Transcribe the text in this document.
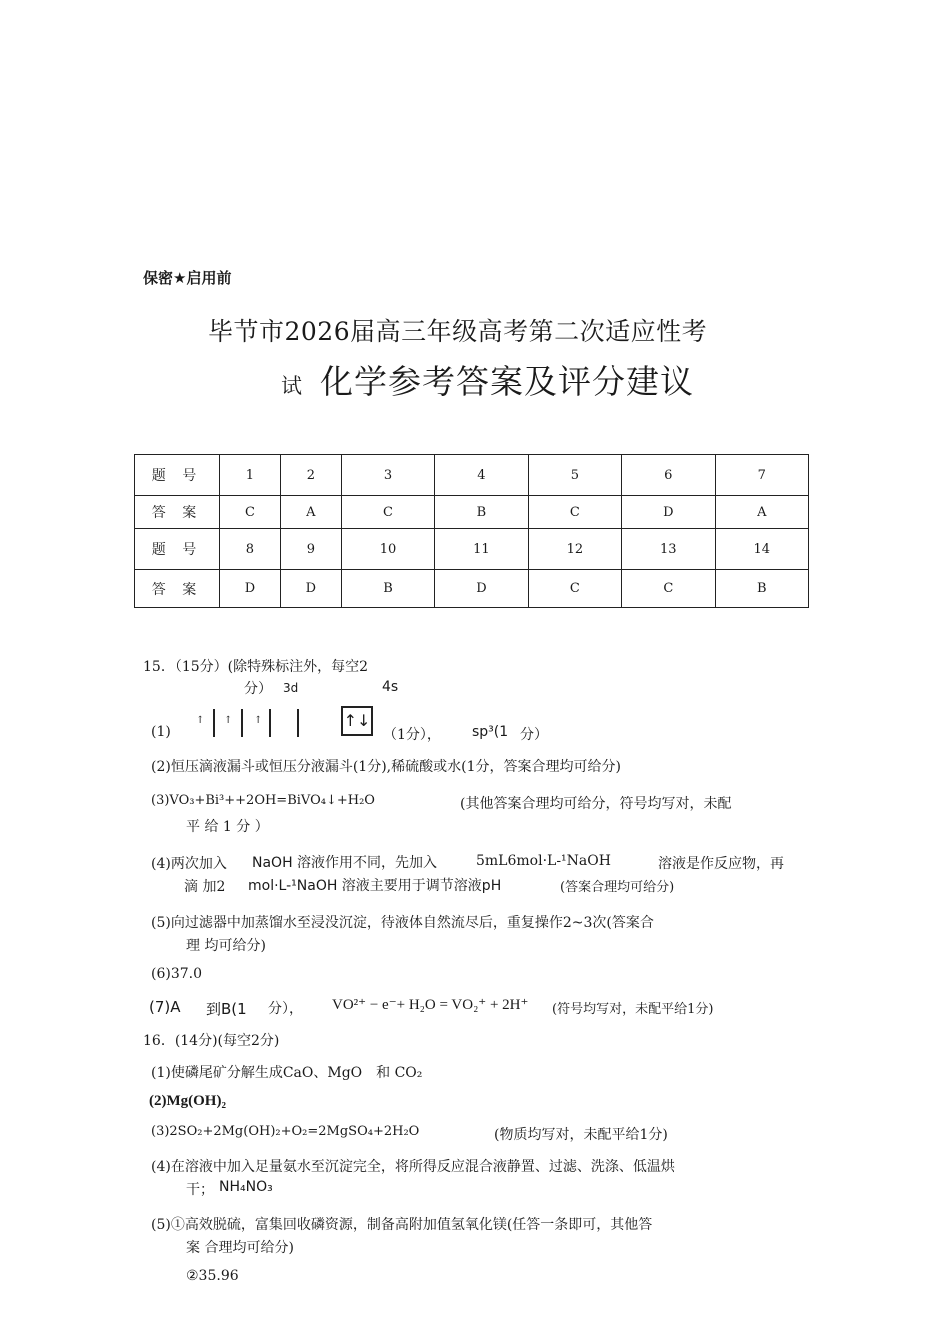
保密★启用前
毕节市2026届高三年级高考第二次适应性考
试 化学参考答案及评分建议
题 号	1	2	3	4	5	6	7
答 案	C	A	C	B	C	D	A
题 号	8	9	10	11	12	13	14
答 案	D	D	B	D	C	C	B
15．（15分）(除特殊标注外，每空2
分） 3d	4s
(1)
↑ ↑ ↑	↑↓
（1分）， sp³(1 分）
(2)恒压滴液漏斗或恒压分液漏斗(1分),稀硫酸或水(1分，答案合理均可给分)
(3)VO₃+Bi³++2OH=BiVO₄↓+H₂O	(其他答案合理均可给分，符号均写对，未配
平 给 1 分 ）
(4)两次加入 NaOH 溶液作用不同，先加入	5mL6mol·L-¹NaOH	溶液是作反应物，再
滴 加2 mol·L-¹NaOH 溶液主要用于调节溶液pH	(答案合理均可给分)
(5)向过滤器中加蒸馏水至浸没沉淀，待液体自然流尽后，重复操作2~3次(答案合
理 均可给分)
(6)37.0
(7)A 到B(1 分）， VO²⁺ − e⁻+ H₂O = VO₂⁺ + 2H⁺ (符号均写对，未配平给1分)
16．(14分)(每空2分)
(1)使磷尾矿分解生成CaO、MgO　和 CO₂
(2)Mg(OH)₂
(3)2SO₂+2Mg(OH)₂+O₂=2MgSO₄+2H₂O	(物质均写对，未配平给1分)
(4)在溶液中加入足量氨水至沉淀完全，将所得反应混合液静置、过滤、洗涤、低温烘
干； NH₄NO₃
(5)①高效脱硫，富集回收磷资源，制备高附加值氢氧化镁(任答一条即可，其他答
案 合理均可给分)
②35.96
